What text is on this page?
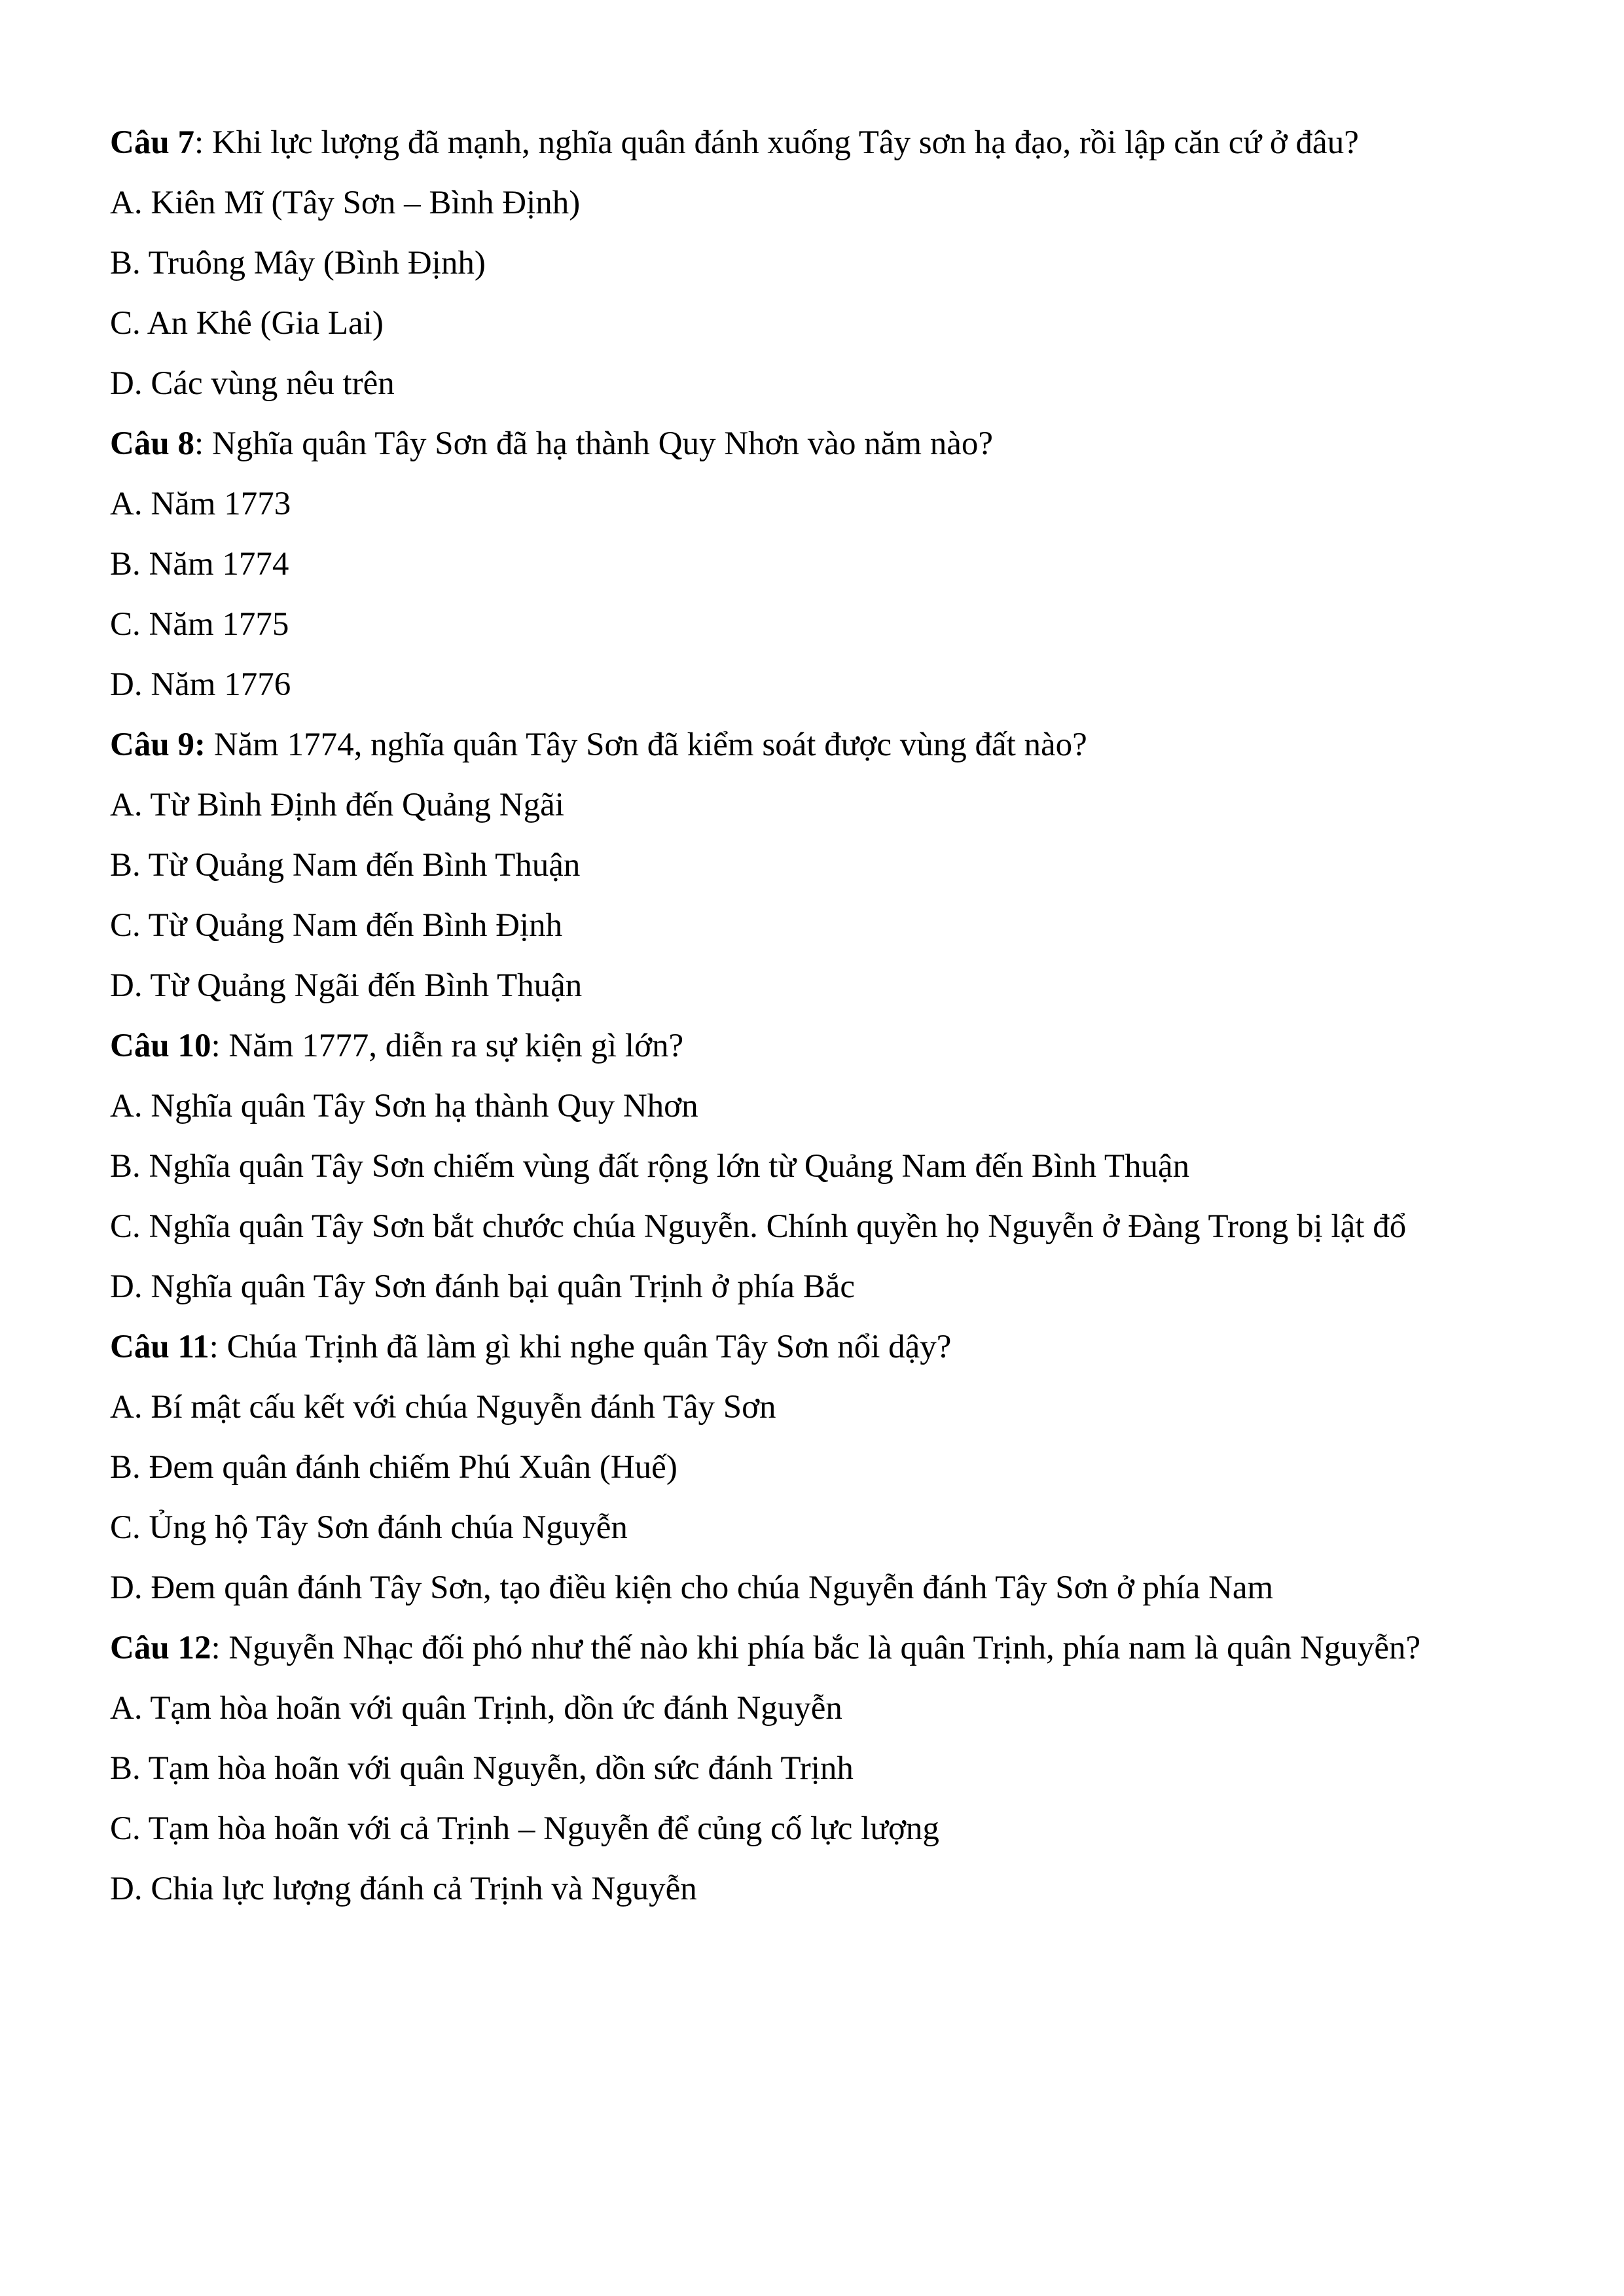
Câu 7: Khi lực lượng đã mạnh, nghĩa quân đánh xuống Tây sơn hạ đạo, rồi lập căn cứ ở đâu?
A. Kiên Mĩ (Tây Sơn – Bình Định)
B. Truông Mây (Bình Định)
C. An Khê (Gia Lai)
D. Các vùng nêu trên
Câu 8: Nghĩa quân Tây Sơn đã hạ thành Quy Nhơn vào năm nào?
A. Năm 1773
B. Năm 1774
C. Năm 1775
D. Năm 1776
Câu 9: Năm 1774, nghĩa quân Tây Sơn đã kiểm soát được vùng đất nào?
A. Từ Bình Định đến Quảng Ngãi
B. Từ Quảng Nam đến Bình Thuận
C. Từ Quảng Nam đến Bình Định
D. Từ Quảng Ngãi đến Bình Thuận
Câu 10: Năm 1777, diễn ra sự kiện gì lớn?
A. Nghĩa quân Tây Sơn hạ thành Quy Nhơn
B. Nghĩa quân Tây Sơn chiếm vùng đất rộng lớn từ Quảng Nam đến Bình Thuận
C. Nghĩa quân Tây Sơn bắt chước chúa Nguyễn. Chính quyền họ Nguyễn ở Đàng Trong bị lật đổ
D. Nghĩa quân Tây Sơn đánh bại quân Trịnh ở phía Bắc
Câu 11: Chúa Trịnh đã làm gì khi nghe quân Tây Sơn nổi dậy?
A. Bí mật cấu kết với chúa Nguyễn đánh Tây Sơn
B. Đem quân đánh chiếm Phú Xuân (Huế)
C. Ủng hộ Tây Sơn đánh chúa Nguyễn
D. Đem quân đánh Tây Sơn, tạo điều kiện cho chúa Nguyễn đánh Tây Sơn ở phía Nam
Câu 12: Nguyễn Nhạc đối phó như thế nào khi phía bắc là quân Trịnh, phía nam là quân Nguyễn?
A. Tạm hòa hoãn với quân Trịnh, dồn ức đánh Nguyễn
B. Tạm hòa hoãn với quân Nguyễn, dồn sức đánh Trịnh
C. Tạm hòa hoãn với cả Trịnh – Nguyễn để củng cố lực lượng
D. Chia lực lượng đánh cả Trịnh và Nguyễn
